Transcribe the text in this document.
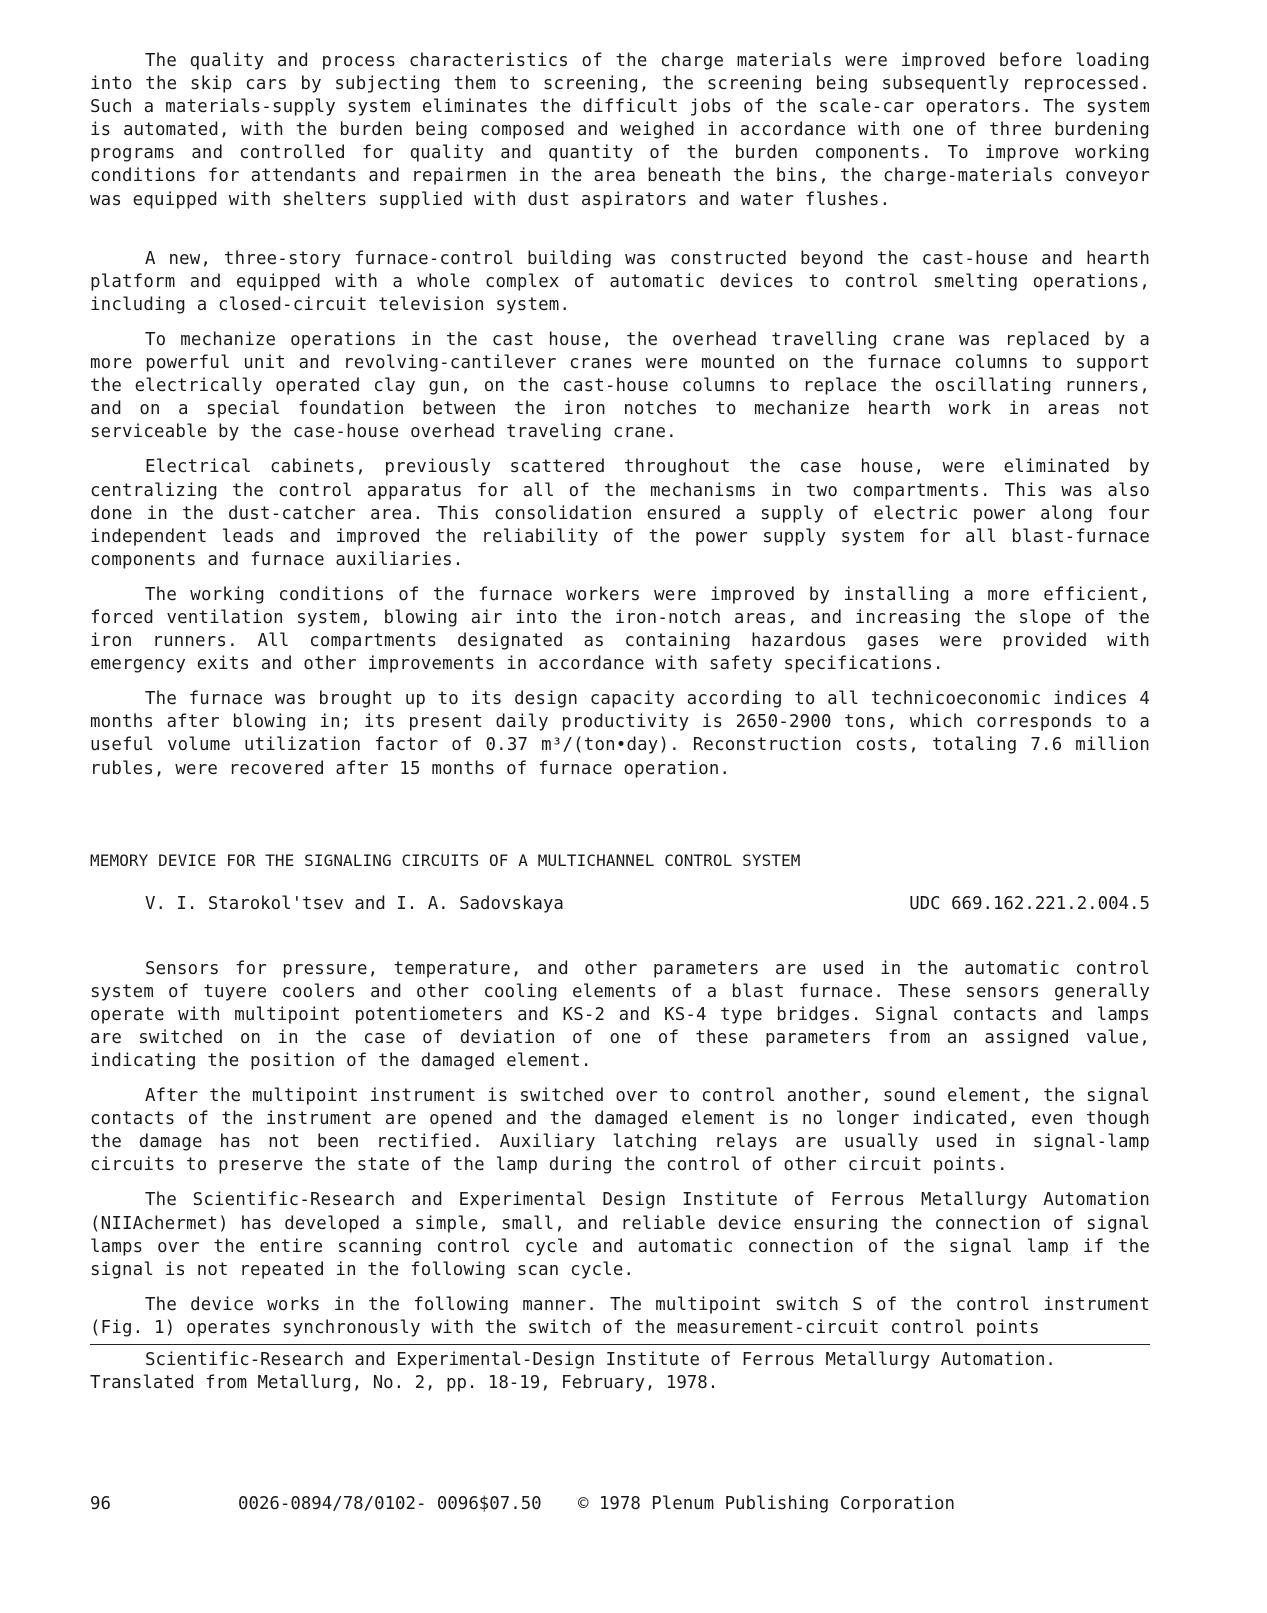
The quality and process characteristics of the charge materials were improved before loading into the skip cars by subjecting them to screening, the screening being subsequently reprocessed. Such a materials-supply system eliminates the difficult jobs of the scale-car operators. The system is automated, with the burden being composed and weighed in accordance with one of three burdening programs and controlled for quality and quantity of the burden components. To improve working conditions for attendants and repairmen in the area beneath the bins, the charge-materials conveyor was equipped with shelters supplied with dust aspirators and water flushes.

A new, three-story furnace-control building was constructed beyond the cast-house and hearth platform and equipped with a whole complex of automatic devices to control smelting operations, including a closed-circuit television system.

To mechanize operations in the cast house, the overhead travelling crane was replaced by a more powerful unit and revolving-cantilever cranes were mounted on the furnace columns to support the electrically operated clay gun, on the cast-house columns to replace the oscillating runners, and on a special foundation between the iron notches to mechanize hearth work in areas not serviceable by the case-house overhead traveling crane.

Electrical cabinets, previously scattered throughout the case house, were eliminated by centralizing the control apparatus for all of the mechanisms in two compartments. This was also done in the dust-catcher area. This consolidation ensured a supply of electric power along four independent leads and improved the reliability of the power supply system for all blast-furnace components and furnace auxiliaries.

The working conditions of the furnace workers were improved by installing a more efficient, forced ventilation system, blowing air into the iron-notch areas, and increasing the slope of the iron runners. All compartments designated as containing hazardous gases were provided with emergency exits and other improvements in accordance with safety specifications.

The furnace was brought up to its design capacity according to all technicoeconomic indices 4 months after blowing in; its present daily productivity is 2650-2900 tons, which corresponds to a useful volume utilization factor of 0.37 m³/(ton•day). Reconstruction costs, totaling 7.6 million rubles, were recovered after 15 months of furnace operation.

MEMORY DEVICE FOR THE SIGNALING CIRCUITS OF A MULTICHANNEL CONTROL SYSTEM

V. I. Starokol'tsev and I. A. Sadovskaya	UDC 669.162.221.2.004.5

Sensors for pressure, temperature, and other parameters are used in the automatic control system of tuyere coolers and other cooling elements of a blast furnace. These sensors generally operate with multipoint potentiometers and KS-2 and KS-4 type bridges. Signal contacts and lamps are switched on in the case of deviation of one of these parameters from an assigned value, indicating the position of the damaged element.

After the multipoint instrument is switched over to control another, sound element, the signal contacts of the instrument are opened and the damaged element is no longer indicated, even though the damage has not been rectified. Auxiliary latching relays are usually used in signal-lamp circuits to preserve the state of the lamp during the control of other circuit points.

The Scientific-Research and Experimental Design Institute of Ferrous Metallurgy Automation (NIIAchermet) has developed a simple, small, and reliable device ensuring the connection of signal lamps over the entire scanning control cycle and automatic connection of the signal lamp if the signal is not repeated in the following scan cycle.

The device works in the following manner. The multipoint switch S of the control instrument (Fig. 1) operates synchronously with the switch of the measurement-circuit control points

Scientific-Research and Experimental-Design Institute of Ferrous Metallurgy Automation. Translated from Metallurg, No. 2, pp. 18-19, February, 1978.

96	0026-0894/78/0102- 0096$07.50 © 1978 Plenum Publishing Corporation
